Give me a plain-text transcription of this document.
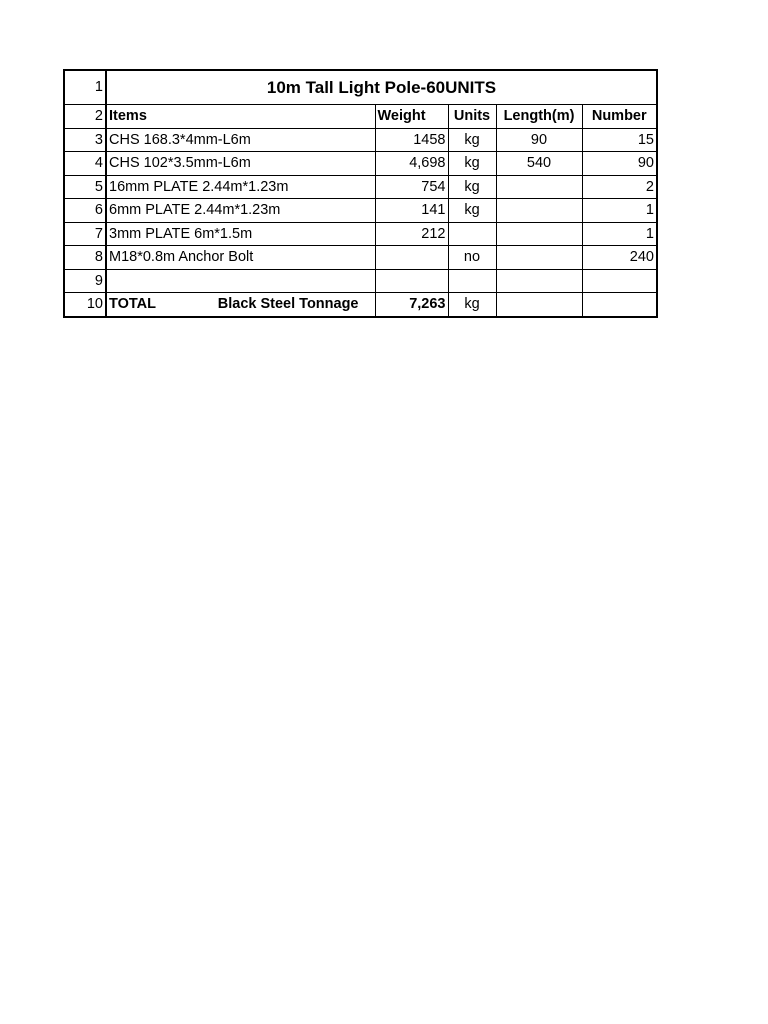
1	10m Tall Light Pole-60UNITS				
2	Items	Weight	Units	Length(m)	Number
3	CHS 168.3*4mm-L6m	1458	kg	90	15
4	CHS 102*3.5mm-L6m	4,698	kg	540	90
5	16mm PLATE 2.44m*1.23m	754	kg		2
6	6mm PLATE 2.44m*1.23m	141	kg		1
7	3mm PLATE 6m*1.5m	212			1
8	M18*0.8m Anchor Bolt		no		240
9					
10	TOTAL Black Steel Tonnage	7,263	kg		
